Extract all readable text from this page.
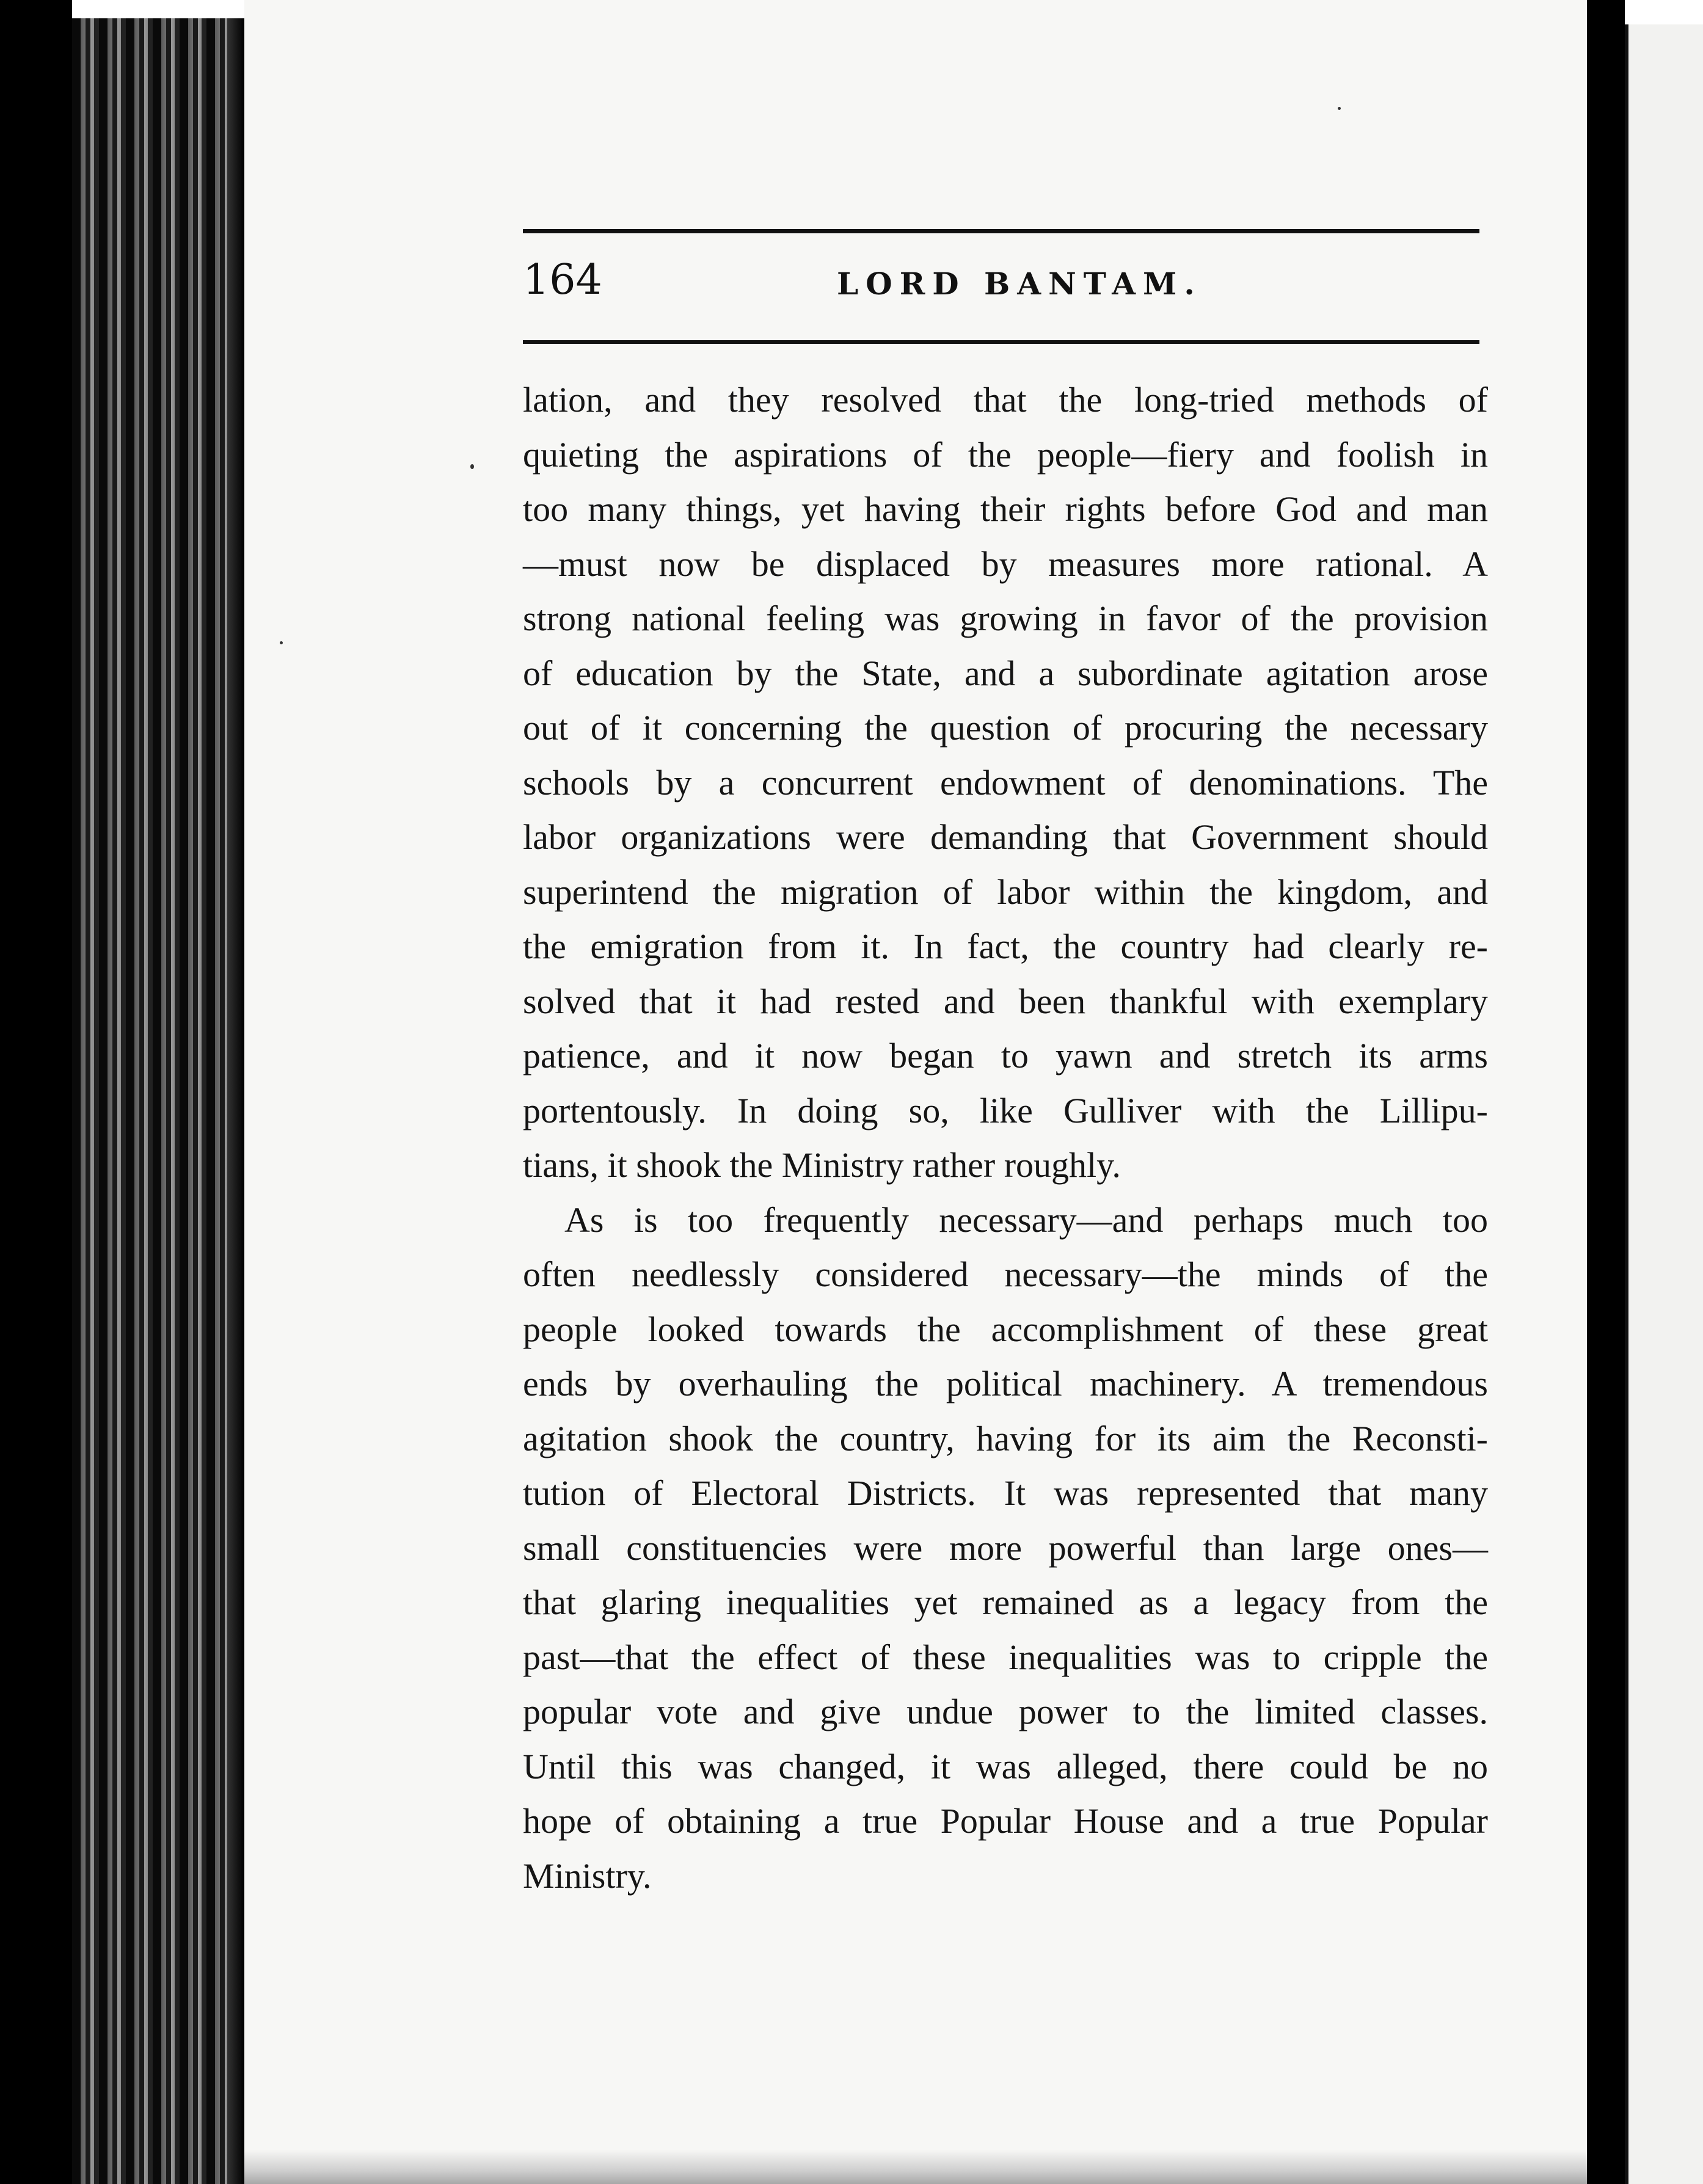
164	LORD BANTAM.
lation, and they resolved that the long-tried methods of
quieting the aspirations of the people—fiery and foolish in
too many things, yet having their rights before God and man
—must now be displaced by measures more rational. A
strong national feeling was growing in favor of the provision
of education by the State, and a subordinate agitation arose
out of it concerning the question of procuring the necessary
schools by a concurrent endowment of denominations. The
labor organizations were demanding that Government should
superintend the migration of labor within the kingdom, and
the emigration from it. In fact, the country had clearly re-
solved that it had rested and been thankful with exemplary
patience, and it now began to yawn and stretch its arms
portentously. In doing so, like Gulliver with the Lillipu-
tians, it shook the Ministry rather roughly.
As is too frequently necessary—and perhaps much too
often needlessly considered necessary—the minds of the
people looked towards the accomplishment of these great
ends by overhauling the political machinery. A tremendous
agitation shook the country, having for its aim the Reconsti-
tution of Electoral Districts. It was represented that many
small constituencies were more powerful than large ones—
that glaring inequalities yet remained as a legacy from the
past—that the effect of these inequalities was to cripple the
popular vote and give undue power to the limited classes.
Until this was changed, it was alleged, there could be no
hope of obtaining a true Popular House and a true Popular
Ministry.
